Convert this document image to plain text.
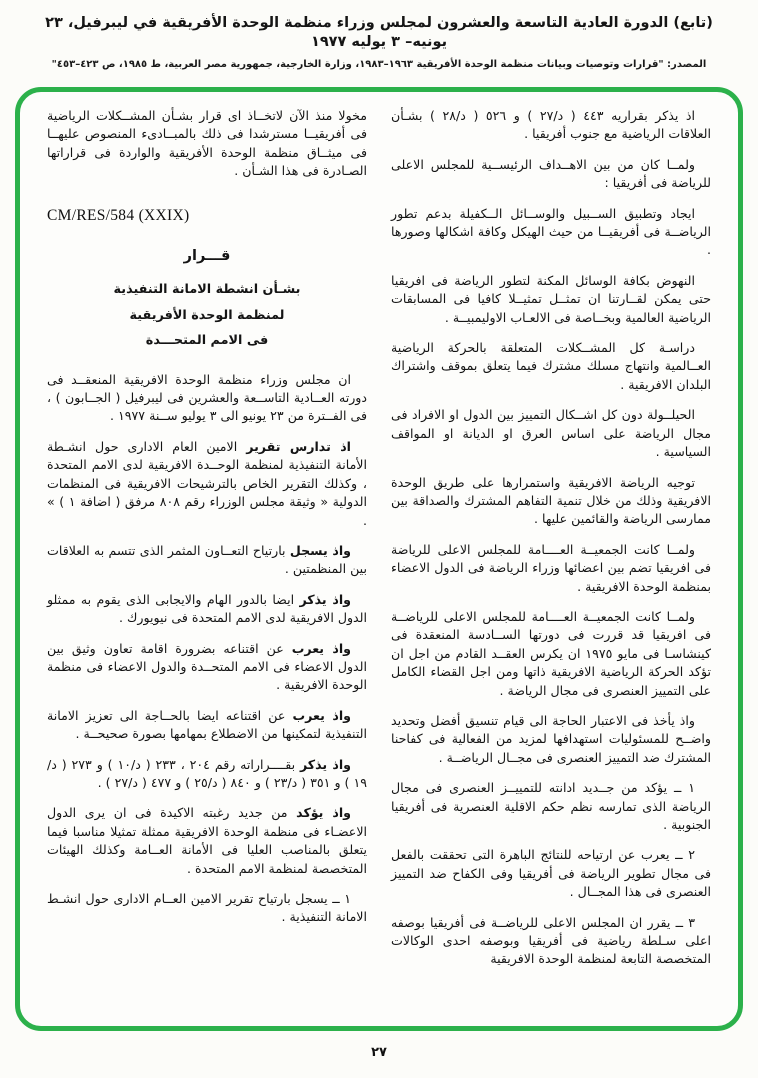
(تابع) الدورة العادية التاسعة والعشرون لمجلس وزراء منظمة الوحدة الأفريقية في ليبرفيل، ٢٣ يونيه– ٣ يوليه ١٩٧٧
المصدر: "قرارات وتوصيات وبيانات منظمة الوحدة الأفريقية ١٩٦٣–١٩٨٣، وزارة الخارجية، جمهورية مصر العربية، ط ١٩٨٥، ص ٤٢٣–٤٥٣"

اذ يذكر بقراريه ٤٤٣ ( د/٢٧ ) و ٥٢٦ ( د/٢٨ ) بشـأن العلاقات الرياضية مع جنوب أفريقيا .

ولمــا كان من بين الاهــداف الرئيســية للمجلس الاعلى للرياضة فى أفريقيا :

ايجاد وتطبيق الســبيل والوســائل الــكفيلة بدعم تطور الرياضــة فى أفريقيــا من حيث الهيكل وكافة اشكالها وصورها .

النهوض بكافة الوسائل المكنة لتطور الرياضة فى افريقيا حتى يمكن لقــارتنا ان تمثــل تمثيــلا كافيا فى المسابقات الرياضية العالمية وبخــاصة فى الالعـاب الاوليمبيــة .

دراسـة كل المشــكلات المتعلقة بالحركة الرياضية العــالمية وانتهاج مسلك مشترك فيما يتعلق بموقف واشتراك البلدان الافريقية .

الحيلــولة دون كل اشــكال التمييز بين الدول او الافراد فى مجال الرياضة على اساس العرق او الديانة او المواقف السياسية .

توجيه الرياضة الافريقية واستمرارها على طريق الوحدة الافريقية وذلك من خلال تنمية التفاهم المشترك والصداقة بين ممارسى الرياضة والقائمين عليها .

ولمــا كانت الجمعيــة العــــامة للمجلس الاعلى للرياضة فى افريقيا تضم بين اعضائها وزراء الرياضة فى الدول الاعضاء بمنظمة الوحدة الافريقية .

ولمــا كانت الجمعيــة العــــامة للمجلس الاعلى للرياضــة فى افريقيا قد قررت فى دورتها الســادسة المنعقدة فى كينشاسـا فى مايو ١٩٧٥ ان يكرس العقــد القادم من اجل ان تؤكد الحركة الرياضية الافريقية ذاتها ومن اجل القضاء الكامل على التمييز العنصرى فى مجال الرياضة .

واذ يأخذ فى الاعتبار الحاجة الى قيام تنسيق أفضل وتحديد واضــح للمسئوليات استهدافها لمزيد من الفعالية فى كفاحنا المشترك ضد التمييز العنصرى فى مجــال الرياضــة .

١ ــ يؤكد من جــديد ادانته للتمييــز العنصرى فى مجال الرياضة الذى تمارسه نظم حكم الاقلية العنصرية فى أفريقيا الجنوبية .

٢ ــ يعرب عن ارتياحه للنتائج الباهرة التى تحققت بالفعل فى مجال تطوير الرياضة فى أفريقيا وفى الكفاح ضد التمييز العنصرى فى هذا المجــال .

٣ ــ يقرر ان المجلس الاعلى للرياضــة فى أفريقيا بوصفه اعلى سـلطة رياضية فى أفريقيا وبوصفه احدى الوكالات المتخصصة التابعة لمنظمة الوحدة الافريقية

مخولا منذ الآن لاتخــاذ اى قرار بشـأن المشــكلات الرياضية فى أفريقيــا مسترشدا فى ذلك بالمبــادىء المنصوص عليهــا فى ميثــاق منظمة الوحدة الأفريقية والواردة فى قراراتها الصـادرة فى هذا الشـأن .

CM/RES/584 (XXIX)

قـــرار

بشـأن انشطة الامانة التنفيذية

لمنظمة الوحدة الأفريقية

فى الامم المتحـــدة

ان مجلس وزراء منظمة الوحدة الافريقية المنعقــد فى دورته العــادية التاســعة والعشرين فى ليبرفيل ( الجــابون ) ، فى الفــترة من ٢٣ يونيو الى ٣ يوليو ســنة ١٩٧٧ .

اذ تدارس تقرير الامين العام الادارى حول انشـطة الأمانة التنفيذية لمنظمة الوحــدة الافريقية لدى الامم المتحدة ، وكذلك التقرير الخاص بالترشيحات الافريقية فى المنظمات الدولية « وثيقة مجلس الوزراء رقم ٨٠٨ مرفق ( اضافة ١ ) » .

واذ يسجل بارتياح التعــاون المثمر الذى تتسم به العلاقات بين المنظمتين .

واذ يذكر ايضا بالدور الهام والايجابى الذى يقوم به ممثلو الدول الافريقية لدى الامم المتحدة فى نيويورك .

واذ يعرب عن اقتناعه بضرورة اقامة تعاون وثيق بين الدول الاعضاء فى الامم المتحــدة والدول الاعضاء فى منظمة الوحدة الافريقية .

واذ يعرب عن اقتناعه ايضا بالحــاجة الى تعزيز الامانة التنفيذية لتمكينها من الاضطلاع بمهامها بصورة صحيحــة .

واذ يذكر بقــــراراته رقم ٢٠٤ ، ٢٣٣ ( د/١٠ ) و ٢٧٣ ( د/١٩ ) و ٣٥١ ( د/٢٣ ) و ٨٤٠ ( د/٢٥ ) و ٤٧٧ ( د/٢٧ ) .

واذ يؤكد من جديد رغبته الاكيدة فى ان يرى الدول الاعضـاء فى منظمة الوحدة الافريقية ممثلة تمثيلا مناسبا فيما يتعلق بالمناصب العليا فى الأمانة العــامة وكذلك الهيئات المتخصصة لمنظمة الامم المتحدة .

١ ــ يسجل بارتياح تقرير الامين العــام الادارى حول انشـط الامانة التنفيذية .

٢٧
